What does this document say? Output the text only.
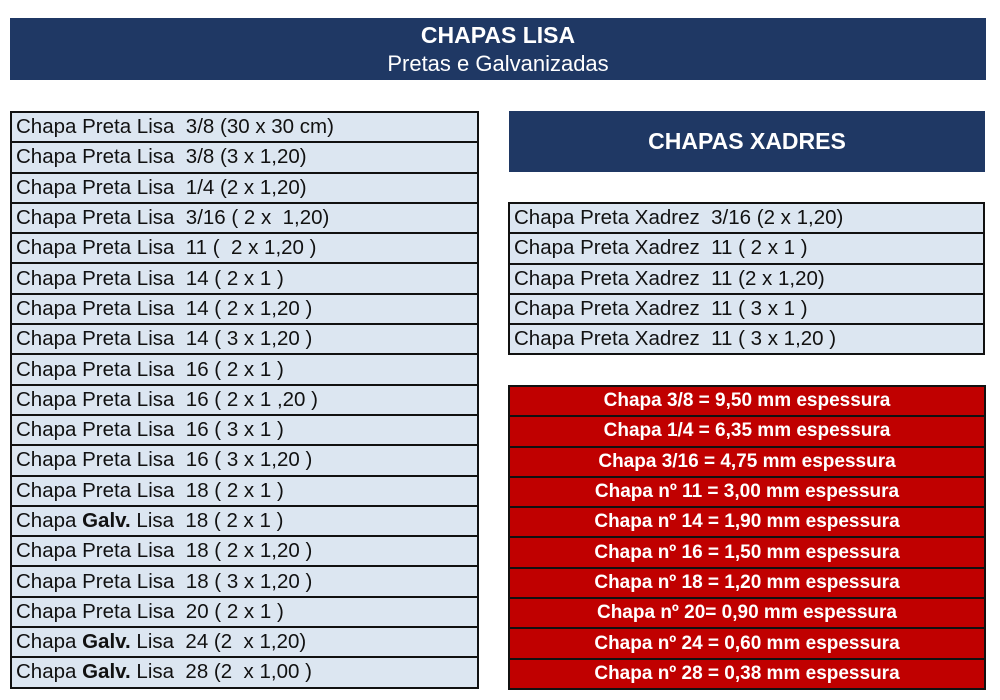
CHAPAS LISA
Pretas e Galvanizadas
Chapa Preta Lisa  3/8 (30 x 30 cm)
Chapa Preta Lisa  3/8 (3 x 1,20)
Chapa Preta Lisa  1/4 (2 x 1,20)
Chapa Preta Lisa  3/16 ( 2 x  1,20)
Chapa Preta Lisa  11 (  2 x 1,20 )
Chapa Preta Lisa  14 ( 2 x 1 )
Chapa Preta Lisa  14 ( 2 x 1,20 )
Chapa Preta Lisa  14 ( 3 x 1,20 )
Chapa Preta Lisa  16 ( 2 x 1 )
Chapa Preta Lisa  16 ( 2 x 1 ,20 )
Chapa Preta Lisa  16 ( 3 x 1 )
Chapa Preta Lisa  16 ( 3 x 1,20 )
Chapa Preta Lisa  18 ( 2 x 1 )
Chapa Galv. Lisa  18 ( 2 x 1 )
Chapa Preta Lisa  18 ( 2 x 1,20 )
Chapa Preta Lisa  18 ( 3 x 1,20 )
Chapa Preta Lisa  20 ( 2 x 1 )
Chapa Galv. Lisa  24 (2  x 1,20)
Chapa Galv. Lisa  28 (2  x 1,00 )
CHAPAS XADRES
Chapa Preta Xadrez  3/16 (2 x 1,20)
Chapa Preta Xadrez  11 ( 2 x 1 )
Chapa Preta Xadrez  11 (2 x 1,20)
Chapa Preta Xadrez  11 ( 3 x 1 )
Chapa Preta Xadrez  11 ( 3 x 1,20 )
Chapa 3/8 = 9,50 mm espessura
Chapa 1/4 = 6,35 mm espessura
Chapa 3/16 = 4,75 mm espessura
Chapa nº 11 = 3,00 mm espessura
Chapa nº 14 = 1,90 mm espessura
Chapa nº 16 = 1,50 mm espessura
Chapa nº 18 = 1,20 mm espessura
Chapa nº 20= 0,90 mm espessura
Chapa nº 24 = 0,60 mm espessura
Chapa nº 28 = 0,38 mm espessura
